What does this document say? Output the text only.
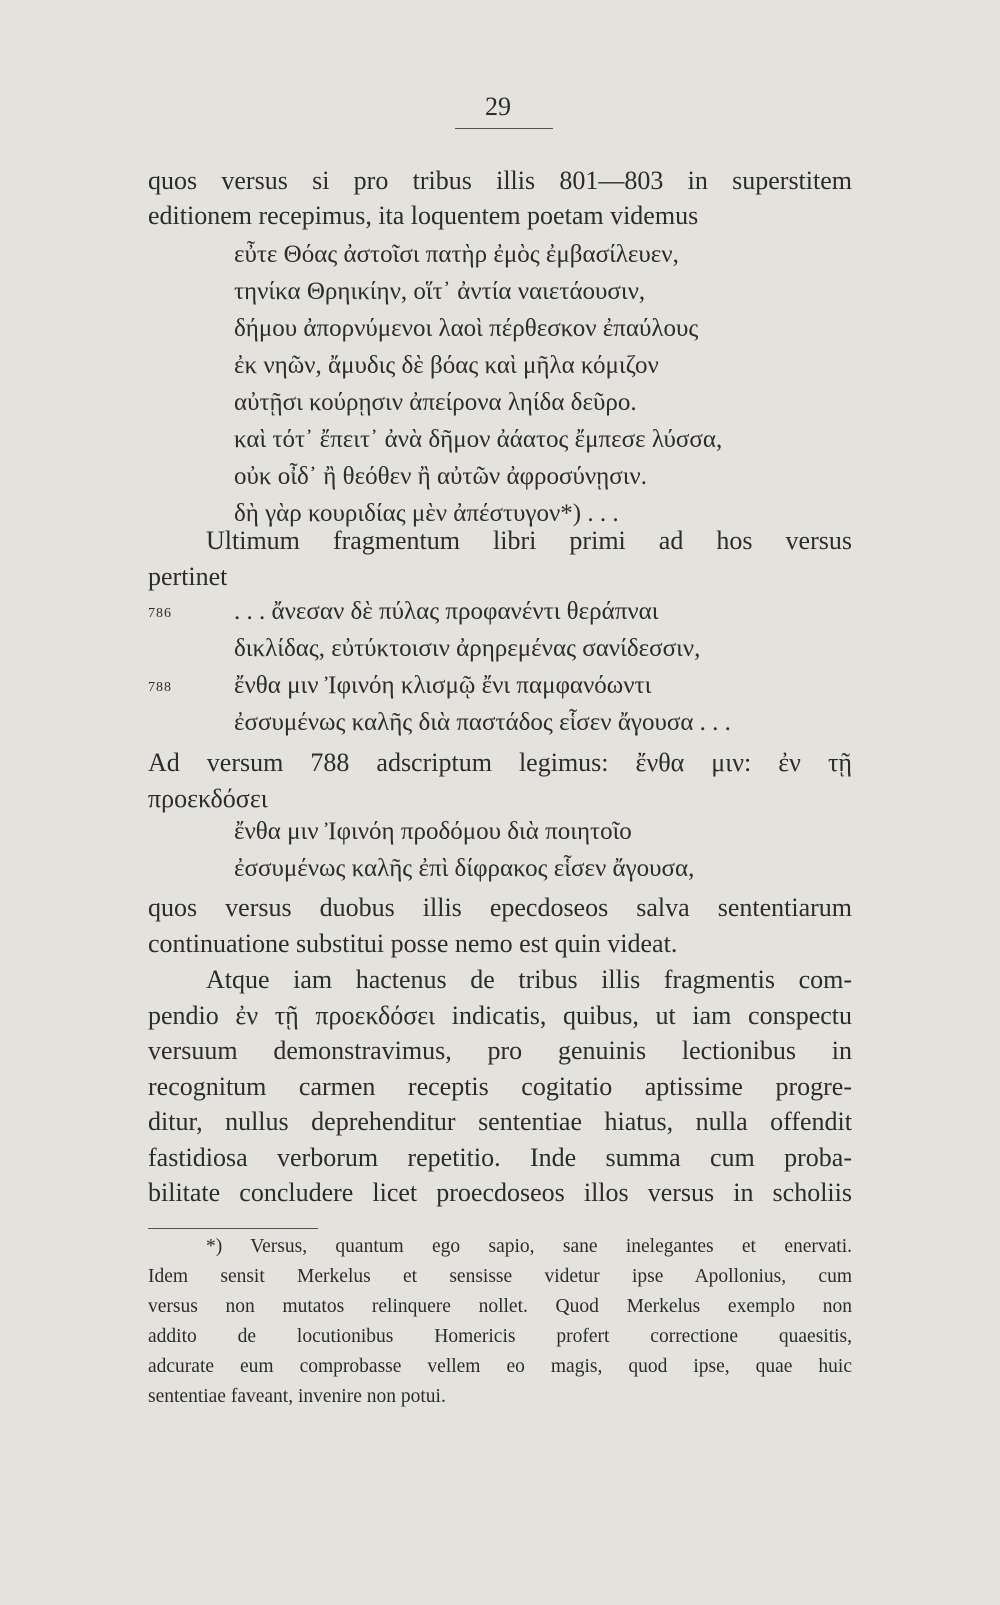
29
quos versus si pro tribus illis 801—803 in superstitem
editionem recepimus, ita loquentem poetam videmus
εὖτε Θόας ἀστοῖσι πατὴρ ἐμὸς ἐμβασίλευεν,
τηνίκα Θρηικίην, οἵτ᾽ ἀντία ναιετάουσιν,
δήμου ἀπορνύμενοι λαοὶ πέρθεσκον ἐπαύλους
ἐκ νηῶν, ἄμυδις δὲ βόας καὶ μῆλα κόμιζον
αὐτῇσι κούρῃσιν ἀπείρονα ληίδα δεῦρο.
καὶ τότ᾽ ἔπειτ᾽ ἀνὰ δῆμον ἀάατος ἔμπεσε λύσσα,
οὐκ οἶδ᾽ ἢ θεόθεν ἢ αὐτῶν ἀφροσύνῃσιν.
δὴ γὰρ κουριδίας μὲν ἀπέστυγον*) . . .
Ultimum fragmentum libri primi ad hos versus
pertinet
786 . . . ἄνεσαν δὲ πύλας προφανέντι θεράπναι
δικλίδας, εὐτύκτοισιν ἀρηρεμένας σανίδεσσιν,
788 ἔνθα μιν Ἰφινόη κλισμῷ ἔνι παμφανόωντι
ἐσσυμένως καλῆς διὰ παστάδος εἷσεν ἄγουσα . . .
Ad versum 788 adscriptum legimus: ἔνθα μιν: ἐν τῇ
προεκδόσει
ἔνθα μιν Ἰφινόη προδόμου διὰ ποιητοῖο
ἐσσυμένως καλῆς ἐπὶ δίφρακος εἷσεν ἄγουσα,
quos versus duobus illis epecdoseos salva sententiarum
continuatione substitui posse nemo est quin videat.
Atque iam hactenus de tribus illis fragmentis com-
pendio ἐν τῇ προεκδόσει indicatis, quibus, ut iam conspectu
versuum demonstravimus, pro genuinis lectionibus in
recognitum carmen receptis cogitatio aptissime progre-
ditur, nullus deprehenditur sententiae hiatus, nulla offendit
fastidiosa verborum repetitio. Inde summa cum proba-
bilitate concludere licet proecdoseos illos versus in scholiis
*) Versus, quantum ego sapio, sane inelegantes et enervati.
Idem sensit Merkelus et sensisse videtur ipse Apollonius, cum
versus non mutatos relinquere nollet. Quod Merkelus exemplo non
addito de locutionibus Homericis profert correctione quaesitis,
adcurate eum comprobasse vellem eo magis, quod ipse, quae huic
sententiae faveant, invenire non potui.
